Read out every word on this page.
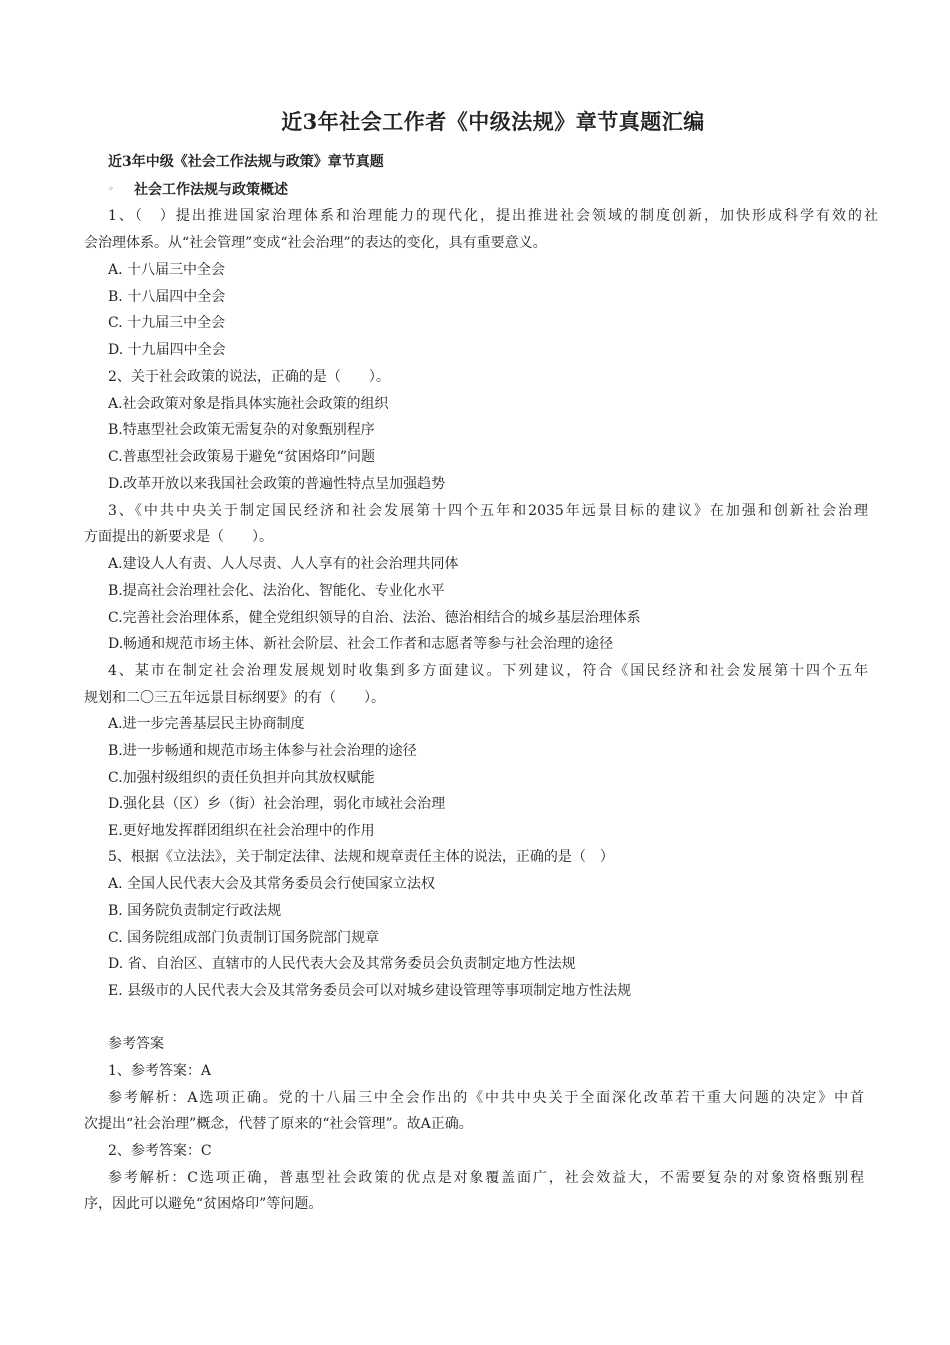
近3年社会工作者《中级法规》章节真题汇编
近3年中级《社会工作法规与政策》章节真题
◦ 社会工作法规与政策概述
1、（　）提出推进国家治理体系和治理能力的现代化，提出推进社会领域的制度创新，加快形成科学有效的社
会治理体系。从“社会管理”变成“社会治理”的表达的变化，具有重要意义。
A. 十八届三中全会
B. 十八届四中全会
C. 十九届三中全会
D. 十九届四中全会
2、关于社会政策的说法，正确的是（　　）。
A.社会政策对象是指具体实施社会政策的组织
B.特惠型社会政策无需复杂的对象甄别程序
C.普惠型社会政策易于避免“贫困烙印”问题
D.改革开放以来我国社会政策的普遍性特点呈加强趋势
3、《中共中央关于制定国民经济和社会发展第十四个五年和2035年远景目标的建议》在加强和创新社会治理
方面提出的新要求是（　　）。
A.建设人人有责、人人尽责、人人享有的社会治理共同体
B.提高社会治理社会化、法治化、智能化、专业化水平
C.完善社会治理体系，健全党组织领导的自治、法治、德治相结合的城乡基层治理体系
D.畅通和规范市场主体、新社会阶层、社会工作者和志愿者等参与社会治理的途径
4、某市在制定社会治理发展规划时收集到多方面建议。下列建议，符合《国民经济和社会发展第十四个五年
规划和二〇三五年远景目标纲要》的有（　　）。
A.进一步完善基层民主协商制度
B.进一步畅通和规范市场主体参与社会治理的途径
C.加强村级组织的责任负担并向其放权赋能
D.强化县（区）乡（街）社会治理，弱化市域社会治理
E.更好地发挥群团组织在社会治理中的作用
5、根据《立法法》，关于制定法律、法规和规章责任主体的说法，正确的是（　）
A. 全国人民代表大会及其常务委员会行使国家立法权
B. 国务院负责制定行政法规
C. 国务院组成部门负责制订国务院部门规章
D. 省、自治区、直辖市的人民代表大会及其常务委员会负责制定地方性法规
E. 县级市的人民代表大会及其常务委员会可以对城乡建设管理等事项制定地方性法规
参考答案
1、参考答案：A
参考解析：A选项正确。党的十八届三中全会作出的《中共中央关于全面深化改革若干重大问题的决定》中首
次提出“社会治理”概念，代替了原来的“社会管理”。故A正确。
2、参考答案：C
参考解析：C选项正确，普惠型社会政策的优点是对象覆盖面广，社会效益大，不需要复杂的对象资格甄别程
序，因此可以避免“贫困烙印”等问题。
